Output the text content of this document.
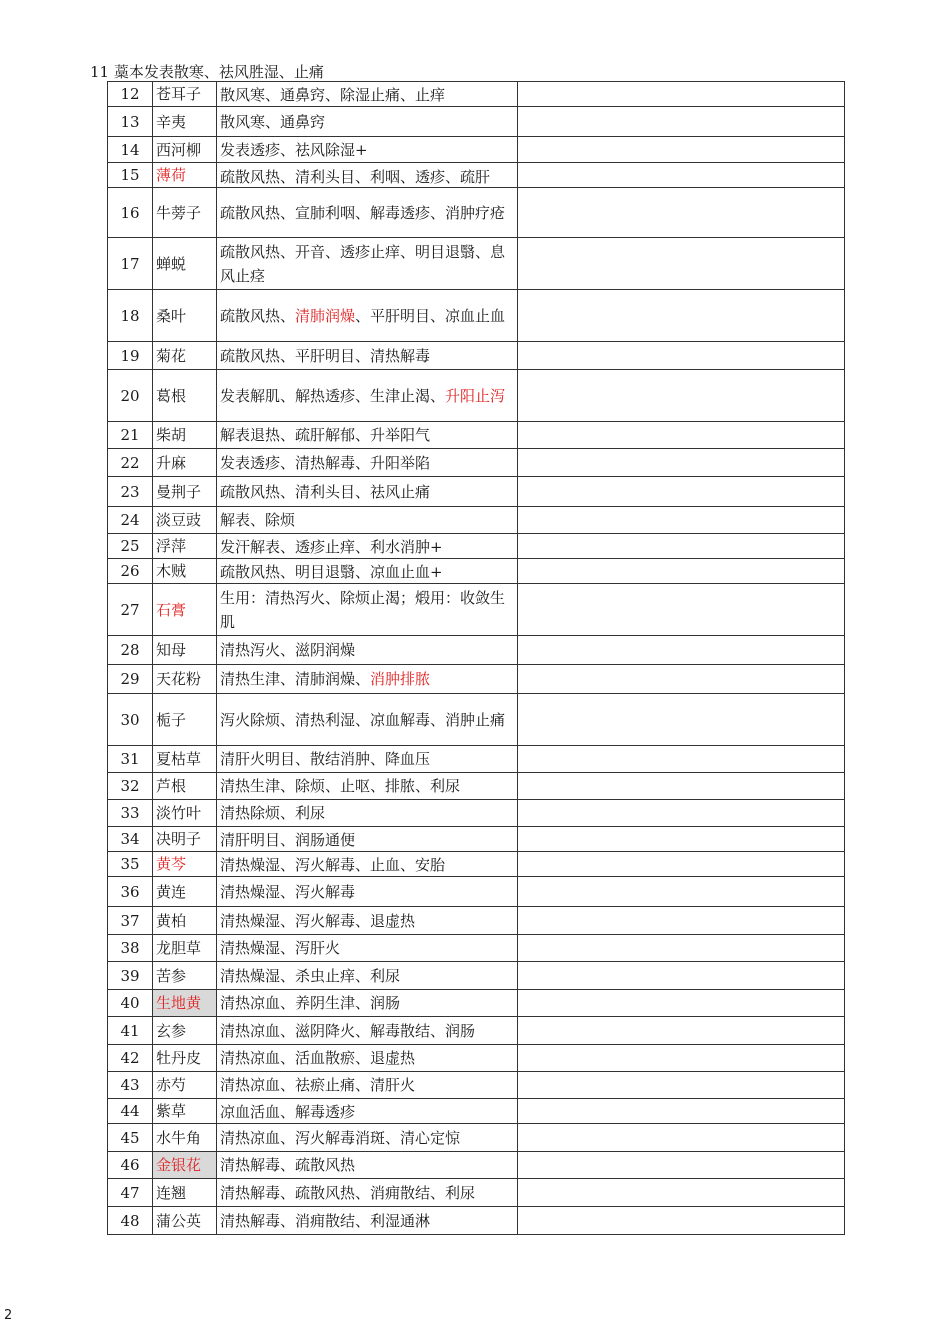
11 藁本发表散寒、祛风胜湿、止痛
12	苍耳子	散风寒、通鼻窍、除湿止痛、止痒	

13	辛夷	散风寒、通鼻窍	

14	西河柳	发表透疹、祛风除湿+	

15	薄荷	疏散风热、清利头目、利咽、透疹、疏肝	

16	牛蒡子	疏散风热、宣肺利咽、解毒透疹、消肿疗疮	

17	蝉蜕	疏散风热、开音、透疹止痒、明目退翳、息风止痉	

18	桑叶	疏散风热、清肺润燥、平肝明目、凉血止血	

19	菊花	疏散风热、平肝明目、清热解毒	

20	葛根	发表解肌、解热透疹、生津止渴、升阳止泻	

21	柴胡	解表退热、疏肝解郁、升举阳气	

22	升麻	发表透疹、清热解毒、升阳举陷	

23	曼荆子	疏散风热、清利头目、祛风止痛	

24	淡豆豉	解表、除烦	

25	浮萍	发汗解表、透疹止痒、利水消肿+	

26	木贼	疏散风热、明目退翳、凉血止血+	

27	石膏	生用：清热泻火、除烦止渴；煅用：收敛生肌	

28	知母	清热泻火、滋阴润燥	

29	天花粉	清热生津、清肺润燥、消肿排脓	

30	栀子	泻火除烦、清热利湿、凉血解毒、消肿止痛	

31	夏枯草	清肝火明目、散结消肿、降血压	

32	芦根	清热生津、除烦、止呕、排脓、利尿	

33	淡竹叶	清热除烦、利尿	

34	决明子	清肝明目、润肠通便	

35	黄芩	清热燥湿、泻火解毒、止血、安胎	

36	黄连	清热燥湿、泻火解毒	

37	黄柏	清热燥湿、泻火解毒、退虚热	

38	龙胆草	清热燥湿、泻肝火	

39	苦参	清热燥湿、杀虫止痒、利尿	

40	生地黄	清热凉血、养阴生津、润肠	

41	玄参	清热凉血、滋阴降火、解毒散结、润肠	

42	牡丹皮	清热凉血、活血散瘀、退虚热	

43	赤芍	清热凉血、祛瘀止痛、清肝火	

44	紫草	凉血活血、解毒透疹	

45	水牛角	清热凉血、泻火解毒消斑、清心定惊	

46	金银花	清热解毒、疏散风热	

47	连翘	清热解毒、疏散风热、消痈散结、利尿	

48	蒲公英	清热解毒、消痈散结、利湿通淋	

2
